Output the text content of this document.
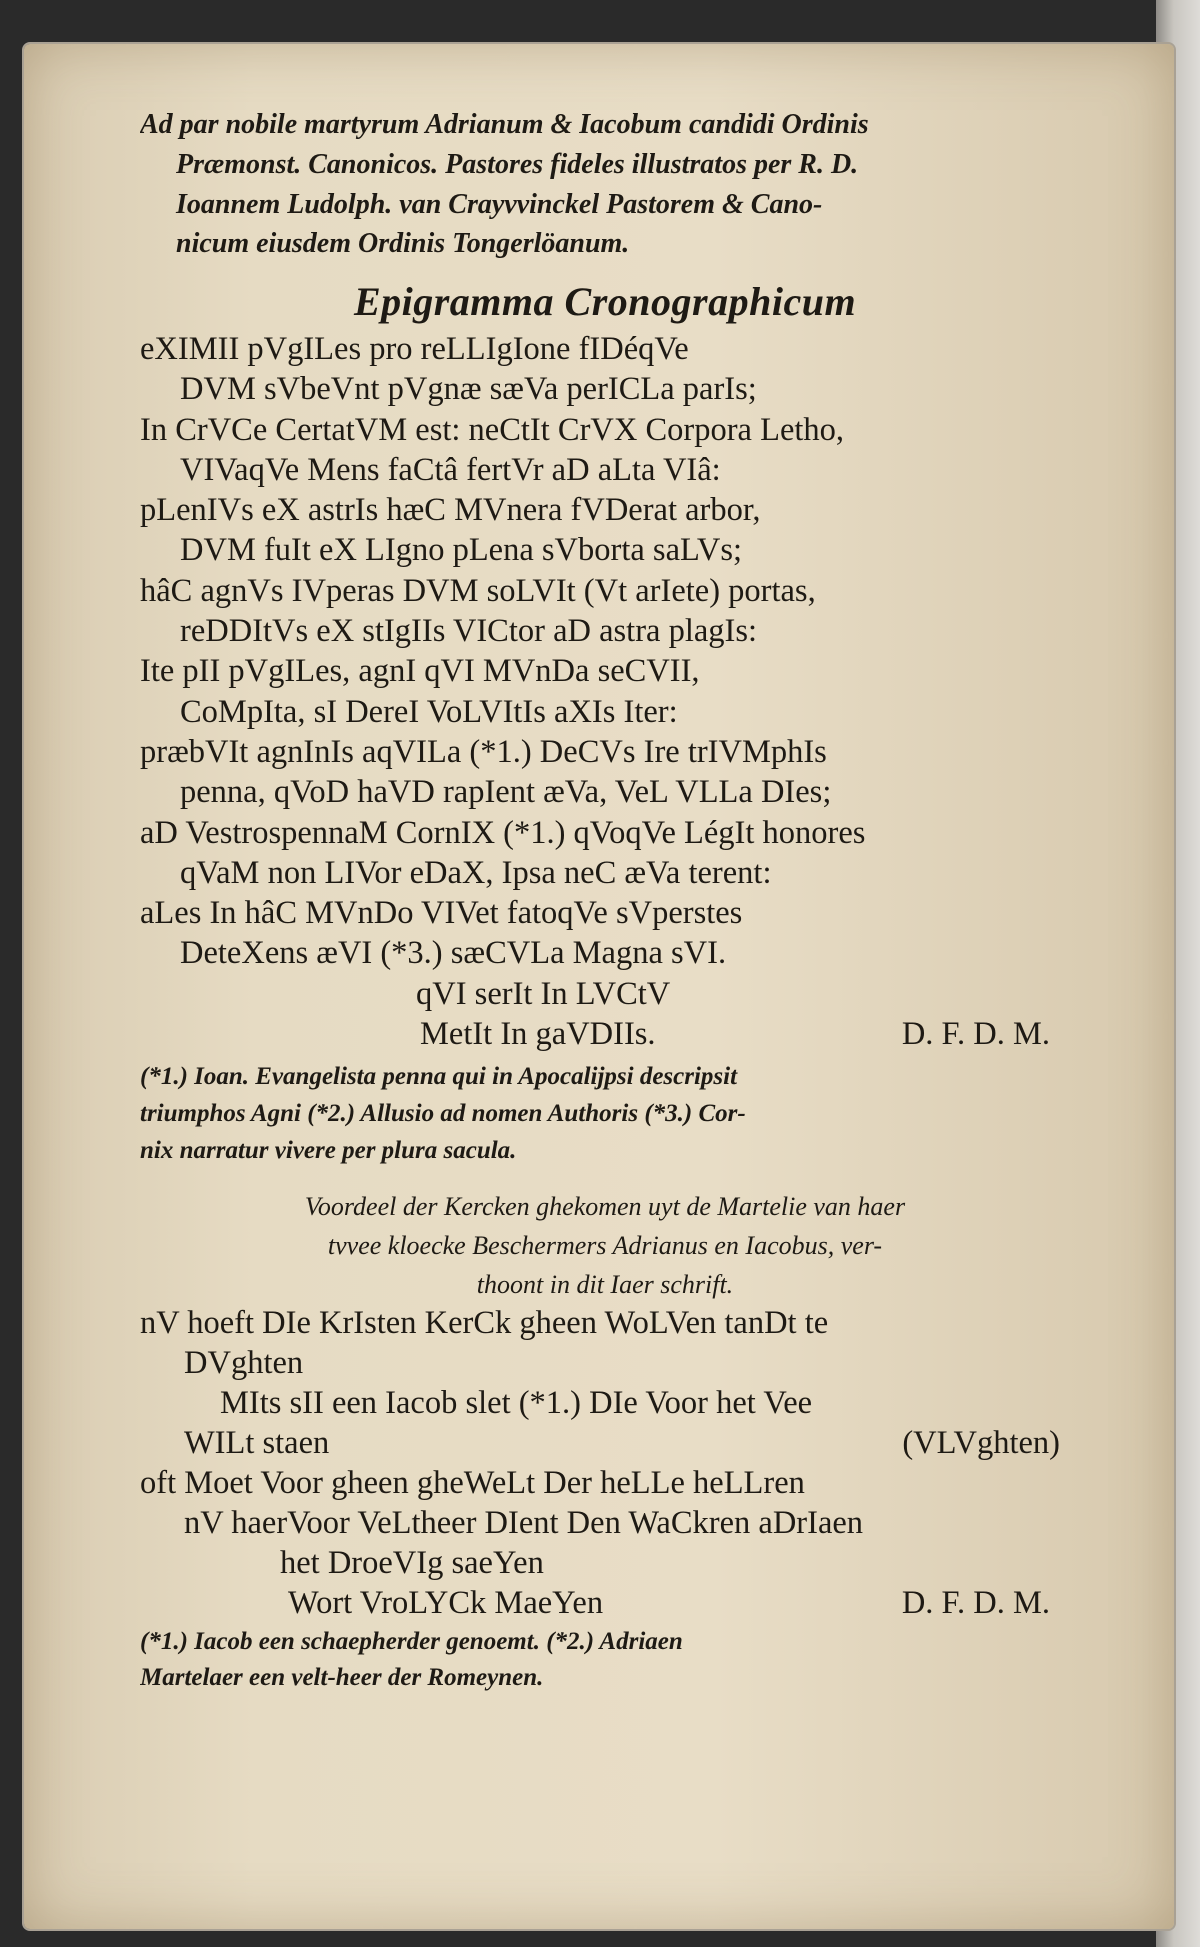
Ad par nobile martyrum Adrianum & Iacobum candidi Ordinis
Præmonst. Canonicos. Pastores fideles illustratos per R. D.
Ioannem Ludolph. van Crayvvinckel Pastorem & Cano-
nicum eiusdem Ordinis Tongerlöanum.
Epigramma Cronographicum
eXIMII pVgILes pro reLLIgIone fIDéqVe
DVM sVbeVnt pVgnæ sæVa perICLa parIs;
In CrVCe CertatVM est: neCtIt CrVX Corpora Letho,
VIVaqVe Mens faCtâ fertVr aD aLta VIâ:
pLenIVs eX astrIs hæC MVnera fVDerat arbor,
DVM fuIt eX LIgno pLena sVborta saLVs;
hâC agnVs IVperas DVM soLVIt (Vt arIete) portas,
reDDItVs eX stIgIIs VICtor aD astra plagIs:
Ite pII pVgILes, agnI qVI MVnDa seCVII,
CoMpIta, sI DereI VoLVItIs aXIs Iter:
præbVIt agnInIs aqVILa (*1.) DeCVs Ire trIVMphIs
penna, qVoD haVD rapIent æVa, VeL VLLa DIes;
aD VestrospennaM CornIX (*1.) qVoqVe LégIt honores
qVaM non LIVor eDaX, Ipsa neC æVa terent:
aLes In hâC MVnDo VIVet fatoqVe sVperstes
DeteXens æVI (*3.) sæCVLa Magna sVI.
qVI serIt In LVCtV
MetIt In gaVDIIs.	D. F. D. M.
(*1.) Ioan. Evangelista penna qui in Apocalijpsi descripsit
triumphos Agni (*2.) Allusio ad nomen Authoris (*3.) Cor-
nix narratur vivere per plura sacula.
Voordeel der Kercken ghekomen uyt de Martelie van haer
tvvee kloecke Beschermers Adrianus en Iacobus, ver-
thoont in dit Iaer schrift.
nV hoeft DIe KrIsten KerCk gheen WoLVen tanDt te
DVghten
MIts sII een Iacob slet (*1.) DIe Voor het Vee
WILt staen	(VLVghten)
oft Moet Voor gheen gheWeLt Der heLLe heLLren
nV haerVoor VeLtheer DIent Den WaCkren aDrIaen
het DroeVIg saeYen
Wort VroLYCk MaeYen	D. F. D. M.
(*1.) Iacob een schaepherder genoemt. (*2.) Adriaen
Martelaer een velt-heer der Romeynen.
